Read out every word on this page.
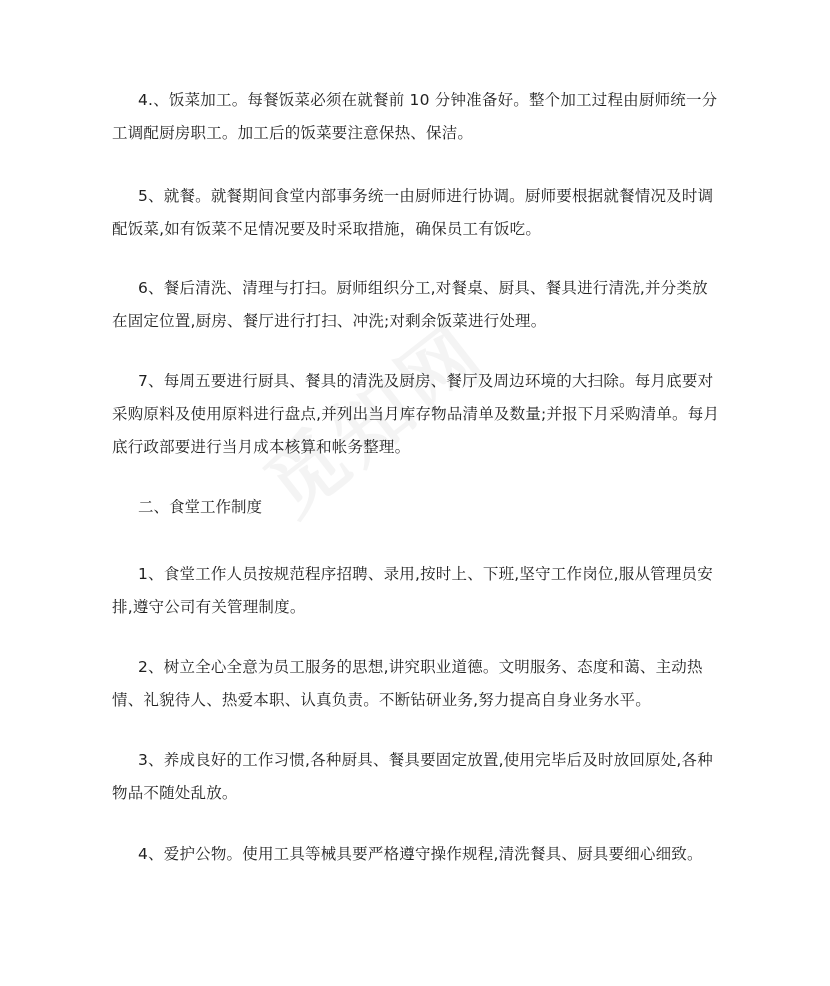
4.、饭菜加工。每餐饭菜必须在就餐前 10 分钟准备好。整个加工过程由厨师统一分工调配厨房职工。加工后的饭菜要注意保热、保洁。

5、就餐。就餐期间食堂内部事务统一由厨师进行协调。厨师要根据就餐情况及时调配饭菜,如有饭菜不足情况要及时采取措施，确保员工有饭吃。

6、餐后清洗、清理与打扫。厨师组织分工,对餐桌、厨具、餐具进行清洗,并分类放在固定位置,厨房、餐厅进行打扫、冲洗;对剩余饭菜进行处理。

7、每周五要进行厨具、餐具的清洗及厨房、餐厅及周边环境的大扫除。每月底要对采购原料及使用原料进行盘点,并列出当月库存物品清单及数量;并报下月采购清单。每月底行政部要进行当月成本核算和帐务整理。

二、食堂工作制度

1、食堂工作人员按规范程序招聘、录用,按时上、下班,坚守工作岗位,服从管理员安排,遵守公司有关管理制度。

2、树立全心全意为员工服务的思想,讲究职业道德。文明服务、态度和蔼、主动热情、礼貌待人、热爱本职、认真负责。不断钻研业务,努力提高自身业务水平。

3、养成良好的工作习惯,各种厨具、餐具要固定放置,使用完毕后及时放回原处,各种物品不随处乱放。

4、爱护公物。使用工具等械具要严格遵守操作规程,清洗餐具、厨具要细心细致。
